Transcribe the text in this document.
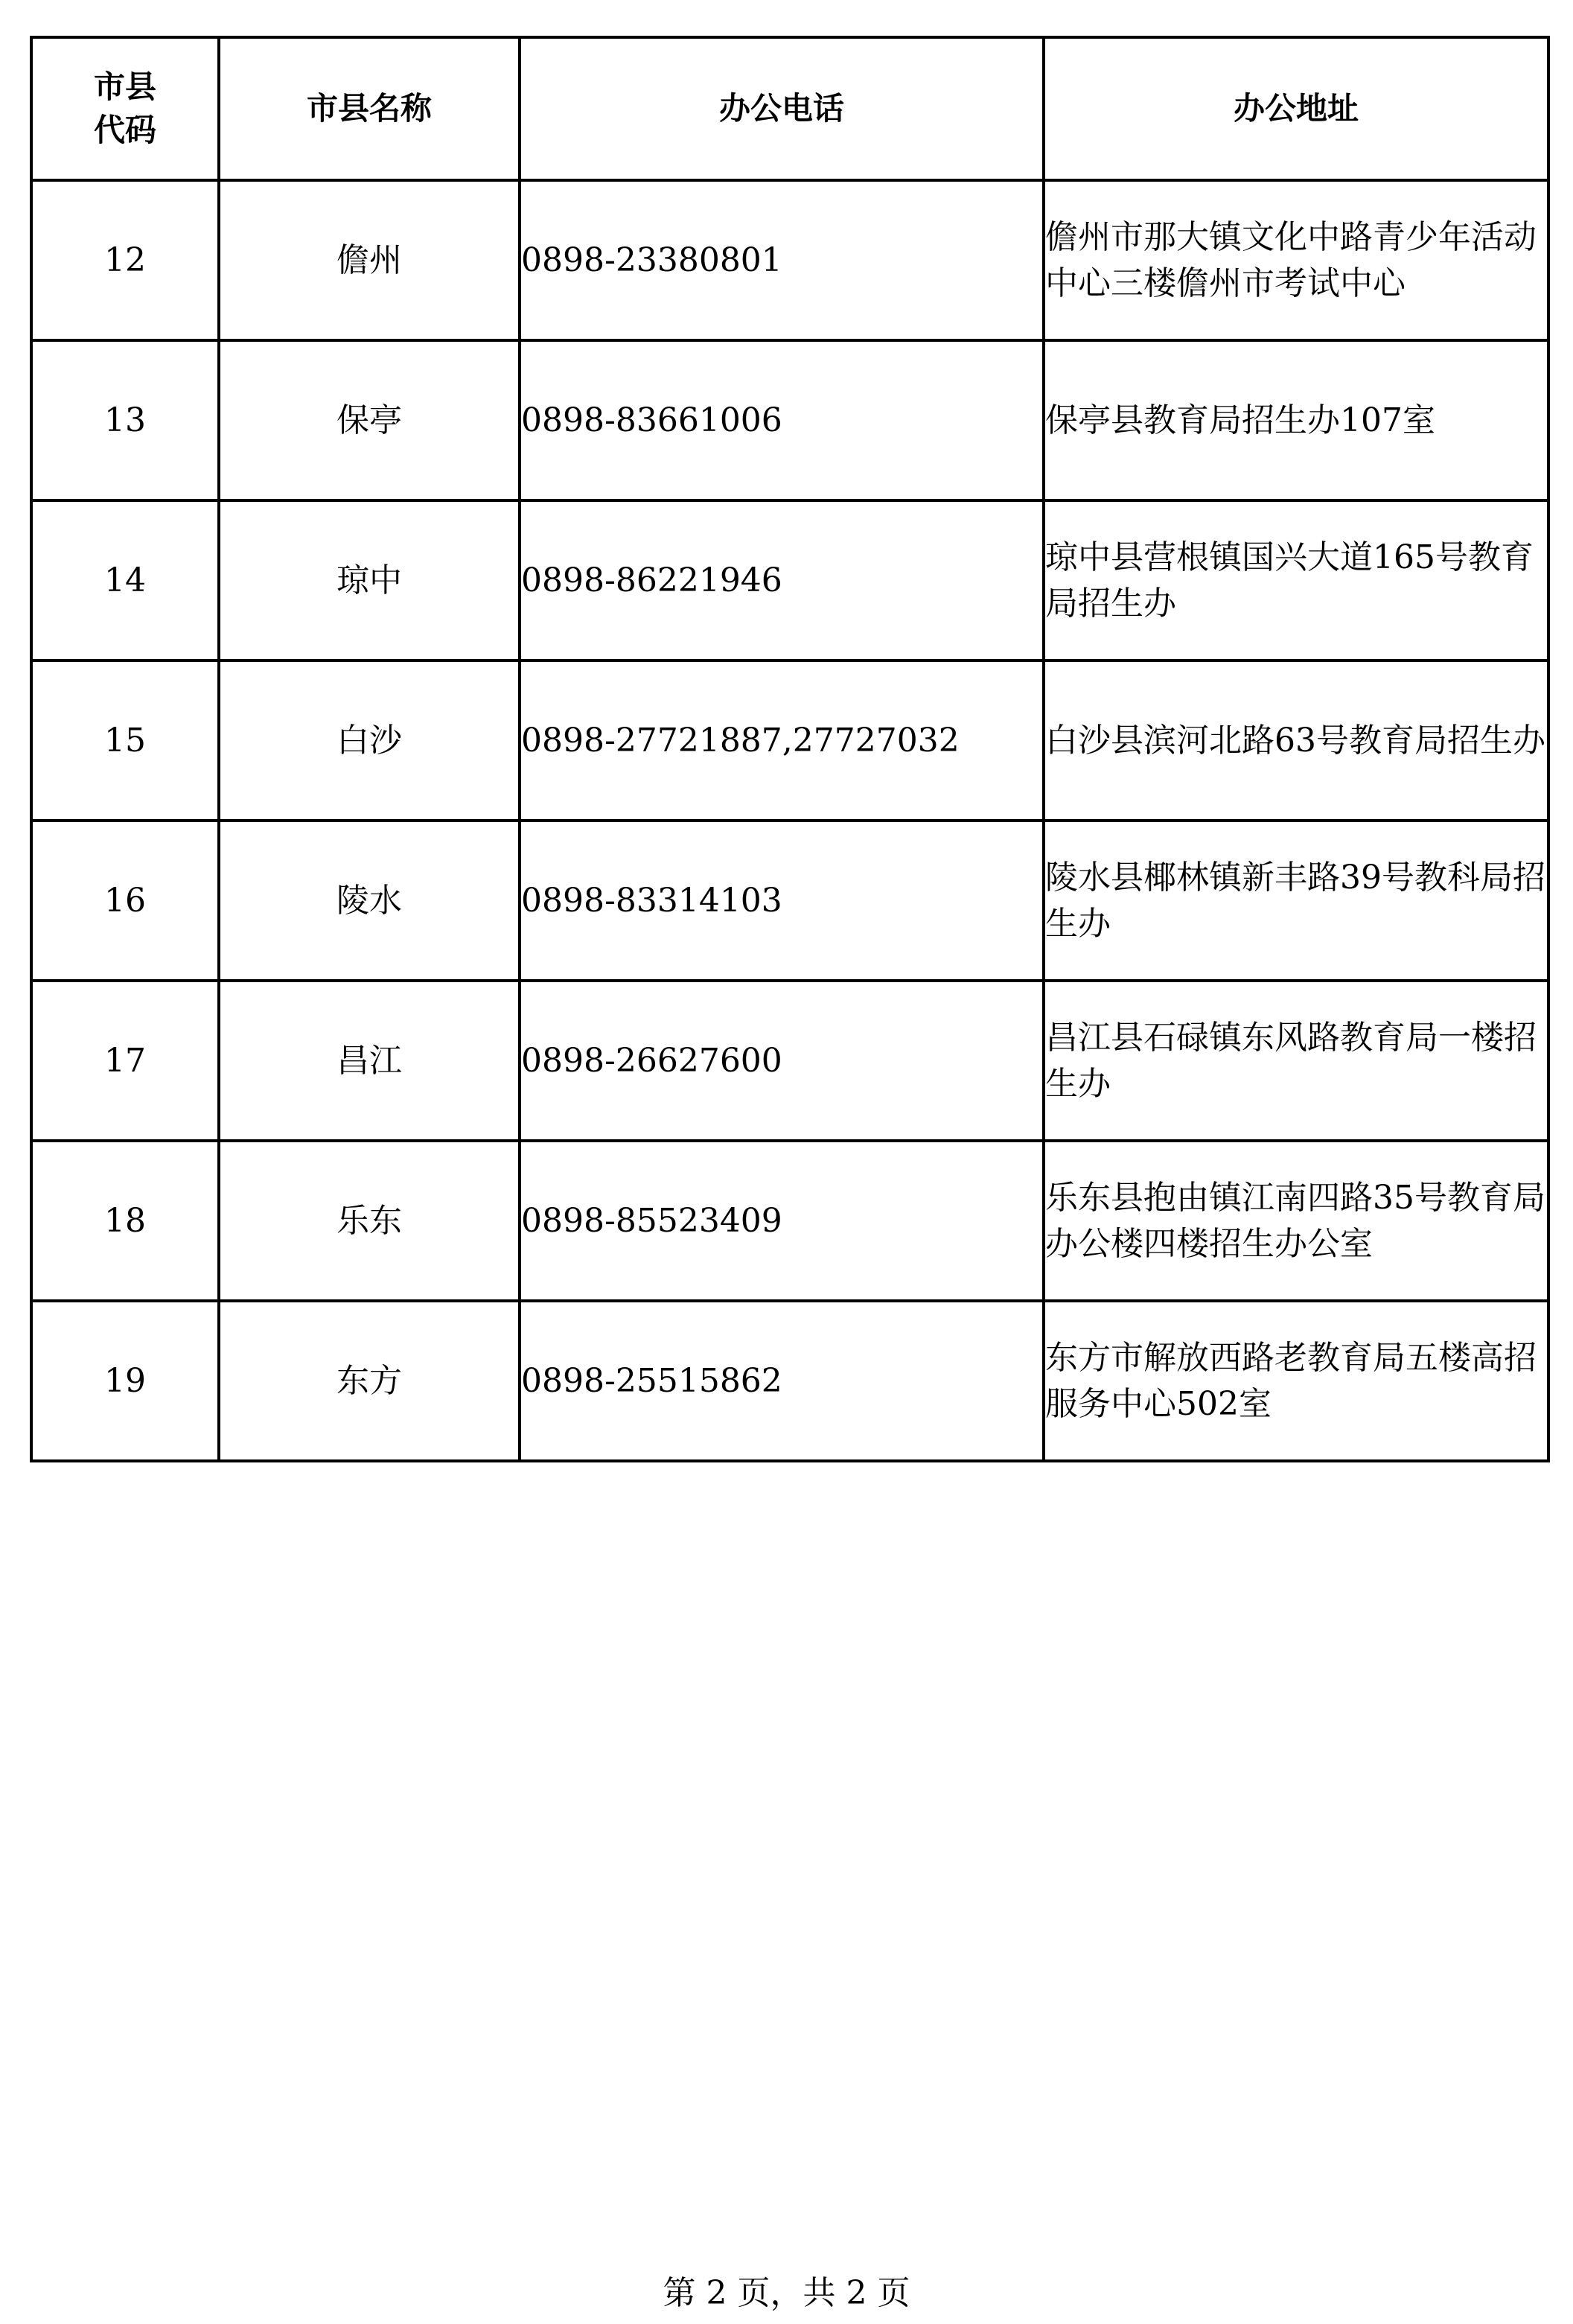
市县
代码	市县名称	办公电话	办公地址
12	儋州	0898-23380801	儋州市那大镇文化中路青少年活动中心三楼儋州市考试中心
13	保亭	0898-83661006	保亭县教育局招生办107室
14	琼中	0898-86221946	琼中县营根镇国兴大道165号教育局招生办
15	白沙	0898-27721887,27727032	白沙县滨河北路63号教育局招生办
16	陵水	0898-83314103	陵水县椰林镇新丰路39号教科局招生办
17	昌江	0898-26627600	昌江县石碌镇东风路教育局一楼招生办
18	乐东	0898-85523409	乐东县抱由镇江南四路35号教育局办公楼四楼招生办公室
19	东方	0898-25515862	东方市解放西路老教育局五楼高招服务中心502室
第 2 页，共 2 页
